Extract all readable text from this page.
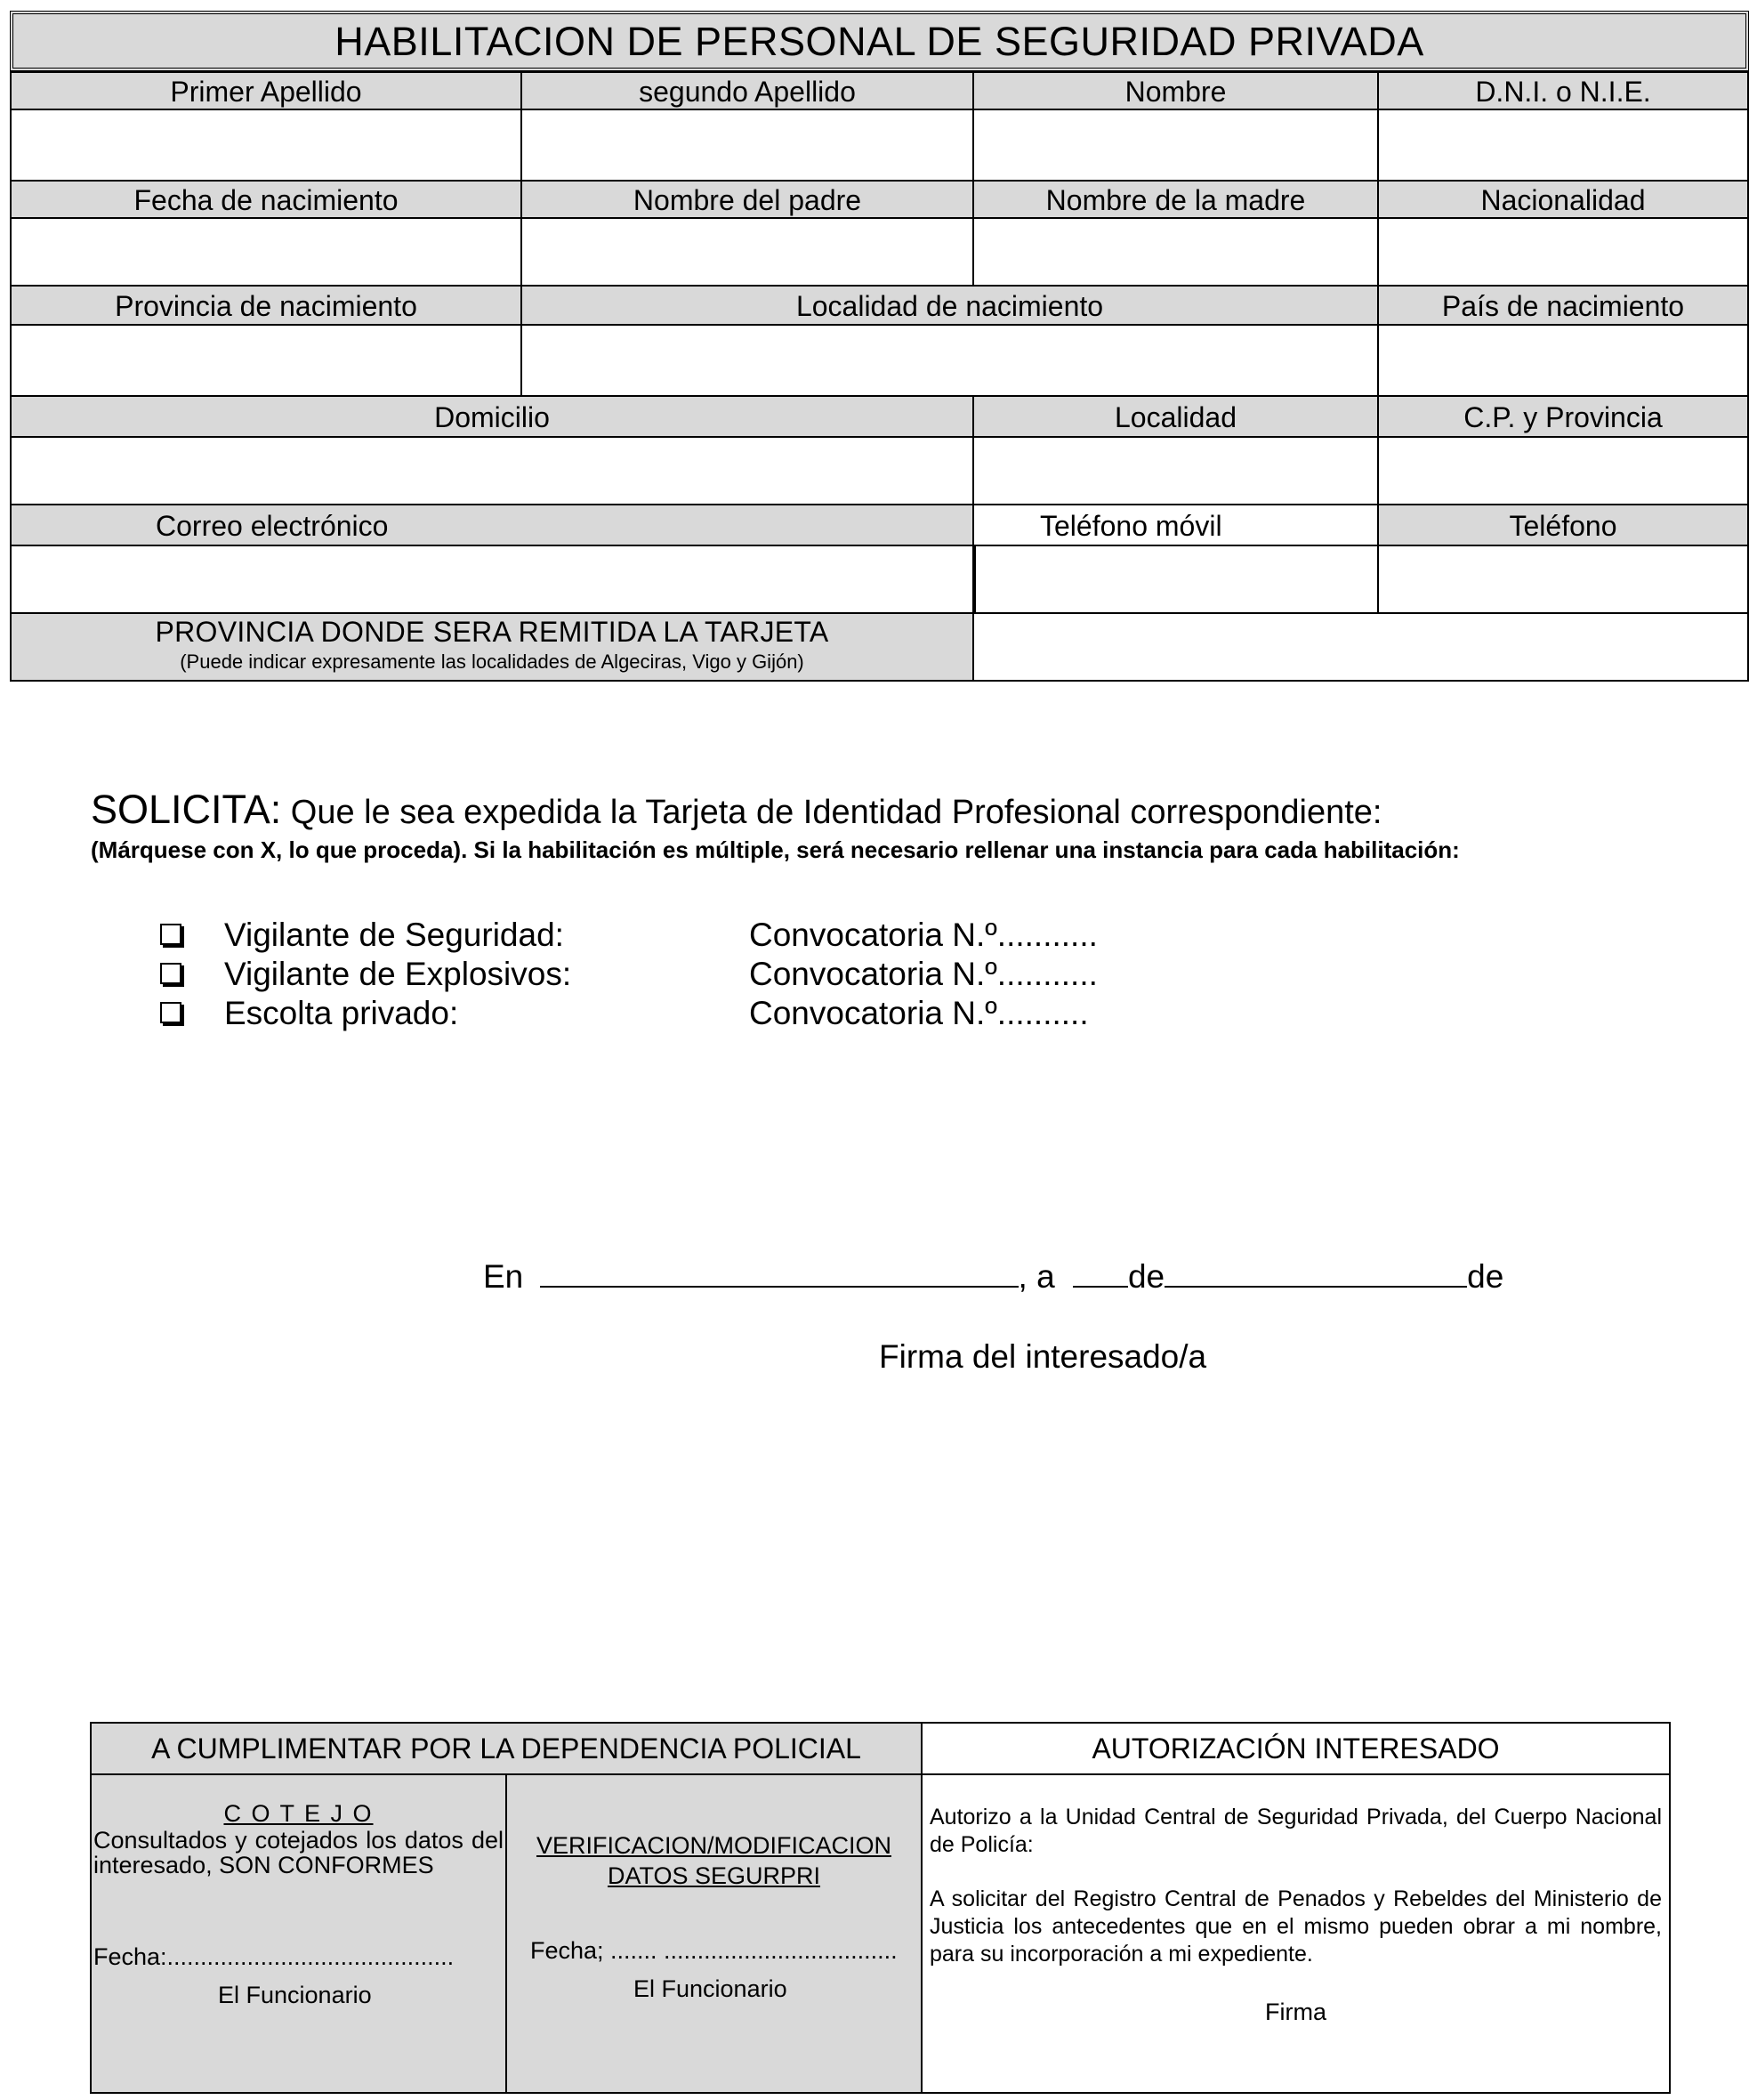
HABILITACION DE PERSONAL DE SEGURIDAD PRIVADA
Primer Apellido	segundo Apellido	Nombre	D.N.I. o N.I.E.
Fecha de nacimiento	Nombre del padre	Nombre de la madre	Nacionalidad
Provincia de nacimiento	Localidad de nacimiento	País de nacimiento
Domicilio	Localidad	C.P. y Provincia
Correo electrónico	Teléfono móvil	Teléfono
PROVINCIA DONDE SERA REMITIDA LA TARJETA
(Puede indicar expresamente las localidades de Algeciras, Vigo y Gijón)
SOLICITA: Que le sea expedida la Tarjeta de Identidad Profesional correspondiente:
(Márquese con X, lo que proceda). Si la habilitación es múltiple, será necesario rellenar una instancia para cada habilitación:
Vigilante de Seguridad:	Convocatoria N.º...........
Vigilante de Explosivos:	Convocatoria N.º...........
Escolta privado:	Convocatoria N.º..........
En	, a de	de
Firma del interesado/a
A CUMPLIMENTAR POR LA DEPENDENCIA POLICIAL	AUTORIZACIÓN INTERESADO
C O T E J O
Consultados y cotejados los datos del interesado, SON CONFORMES
Fecha:...........................................
El Funcionario
VERIFICACION/MODIFICACION DATOS SEGURPRI
Fecha; ....... ...................................
El Funcionario
Autorizo a la Unidad Central de Seguridad Privada, del Cuerpo Nacional de Policía:
A solicitar del Registro Central de Penados y Rebeldes del Ministerio de Justicia los antecedentes que en el mismo pueden obrar a mi nombre, para su incorporación a mi expediente.
Firma
